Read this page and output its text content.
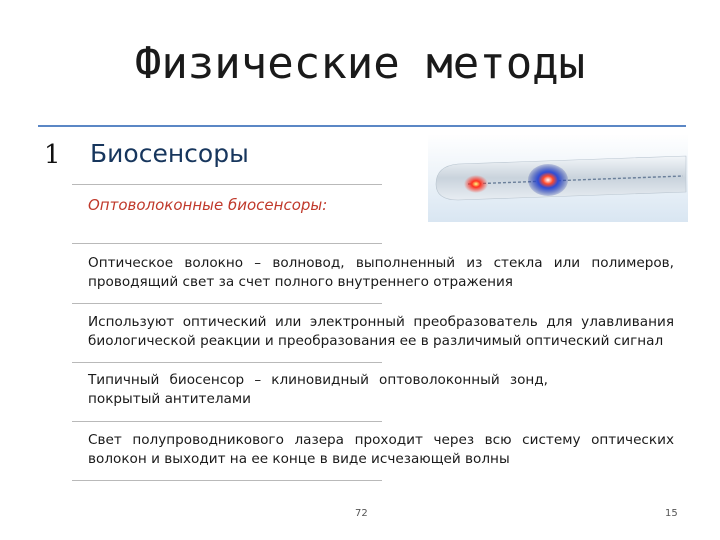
Физические методы
1 Биосенсоры
Оптоволоконные биосенсоры:
Оптическое волокно – волновод, выполненный из стекла или полимеров, проводящий свет за счет полного внутреннего отражения
Используют оптический или электронный преобразователь для улавливания биологической реакции и преобразования ее в различимый оптический сигнал
Типичный биосенсор – клиновидный оптоволоконный зонд, покрытый антителами
Свет полупроводникового лазера проходит через всю систему оптических волокон и выходит на ее конце в виде исчезающей волны
72	15
